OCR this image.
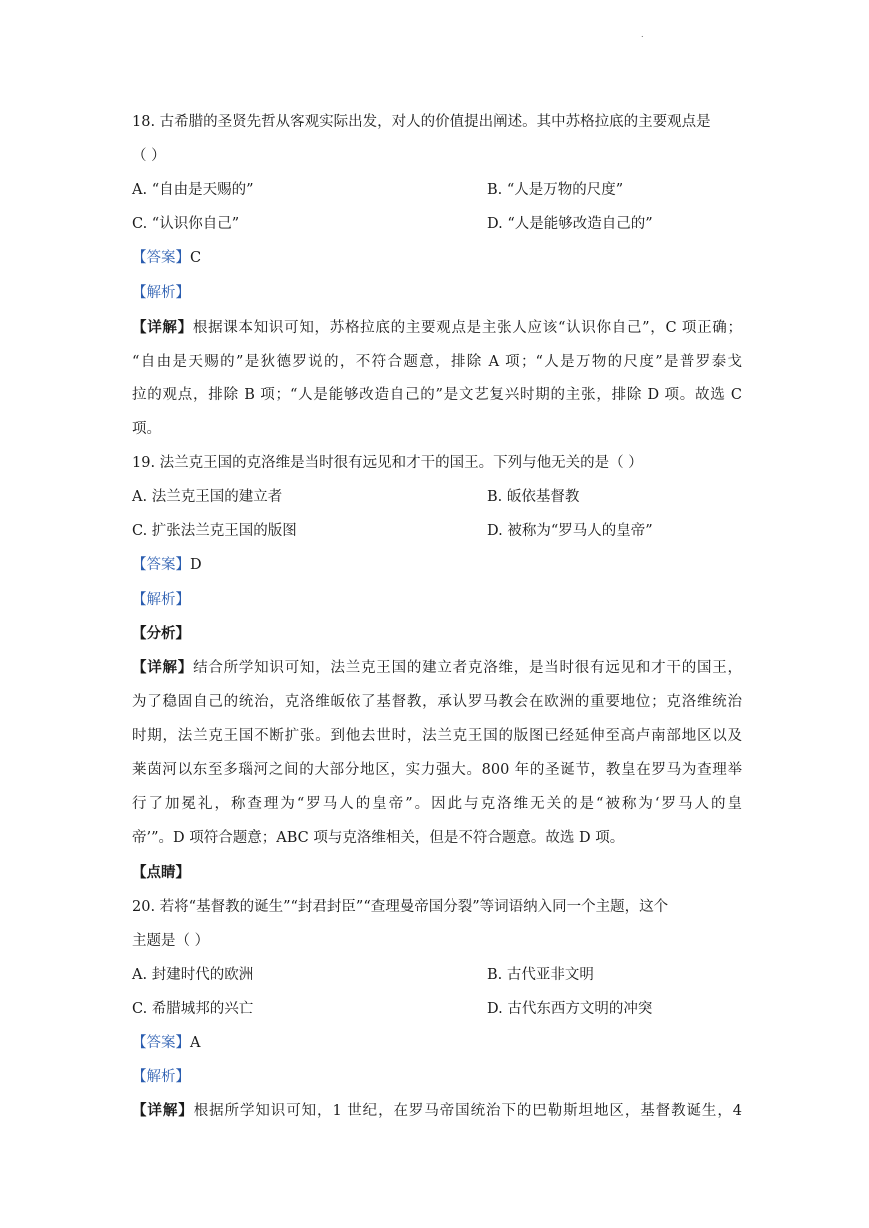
.
18. 古希腊的圣贤先哲从客观实际出发，对人的价值提出阐述。其中苏格拉底的主要观点是
（ ）
A. “自由是天赐的”	B. “人是万物的尺度”
C. “认识你自己”	D. “人是能够改造自己的”
【答案】C
【解析】
【详解】根据课本知识可知，苏格拉底的主要观点是主张人应该“认识你自己”，C 项正确；
“自由是天赐的”是狄德罗说的，不符合题意，排除 A 项；“人是万物的尺度”是普罗泰戈
拉的观点，排除 B 项；“人是能够改造自己的”是文艺复兴时期的主张，排除 D 项。故选 C
项。
19. 法兰克王国的克洛维是当时很有远见和才干的国王。下列与他无关的是（ ）
A. 法兰克王国的建立者	B. 皈依基督教
C. 扩张法兰克王国的版图	D. 被称为“罗马人的皇帝”
【答案】D
【解析】
【分析】
【详解】结合所学知识可知，法兰克王国的建立者克洛维，是当时很有远见和才干的国王，
为了稳固自己的统治，克洛维皈依了基督教，承认罗马教会在欧洲的重要地位；克洛维统治
时期，法兰克王国不断扩张。到他去世时，法兰克王国的版图已经延伸至高卢南部地区以及
莱茵河以东至多瑙河之间的大部分地区，实力强大。800 年的圣诞节，教皇在罗马为查理举
行了加冕礼，称查理为“罗马人的皇帝”。因此与克洛维无关的是“被称为‘罗马人的皇
帝’”。D 项符合题意；ABC 项与克洛维相关，但是不符合题意。故选 D 项。
【点睛】
20. 若将“基督教的诞生”“封君封臣”“查理曼帝国分裂”等词语纳入同一个主题，这个
主题是（ ）
A. 封建时代的欧洲	B. 古代亚非文明
C. 希腊城邦的兴亡	D. 古代东西方文明的冲突
【答案】A
【解析】
【详解】根据所学知识可知，1 世纪，在罗马帝国统治下的巴勒斯坦地区，基督教诞生，4
